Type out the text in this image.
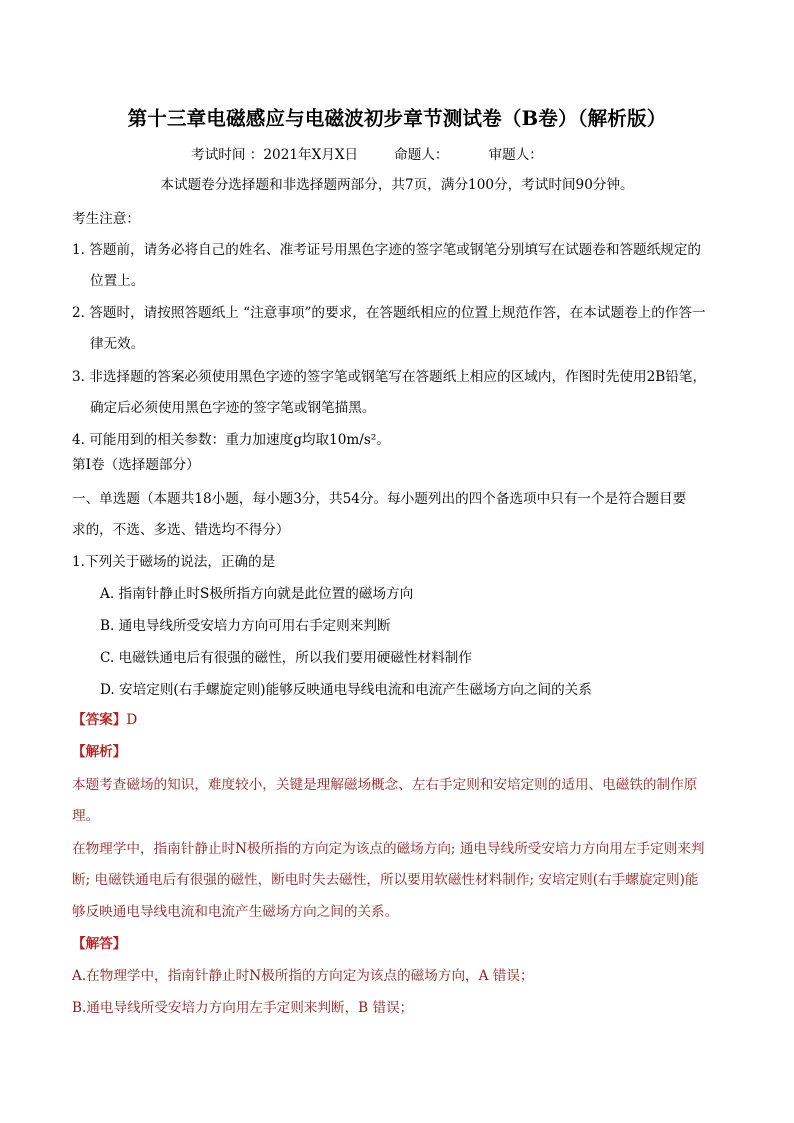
第十三章电磁感应与电磁波初步章节测试卷（B卷）（解析版）
考试时间 ：2021年X月X日	命题人：	审题人：
本试题卷分选择题和非选择题两部分，共7页，满分100分，考试时间90分钟。
考生注意：
1. 答题前，请务必将自己的姓名、准考证号用黑色字迹的签字笔或钢笔分别填写在试题卷和答题纸规定的
位置上。
2. 答题时，请按照答题纸上 “注意事项”的要求，在答题纸相应的位置上规范作答，在本试题卷上的作答一
律无效。
3. 非选择题的答案必须使用黑色字迹的签字笔或钢笔写在答题纸上相应的区域内，作图时先使用2B铅笔，
确定后必须使用黑色字迹的签字笔或钢笔描黑。
4. 可能用到的相关参数：重力加速度g均取10m/s²。
第Ⅰ卷（选择题部分）
一、单选题（本题共18小题，每小题3分，共54分。每小题列出的四个备选项中只有一个是符合题目要
求的，不选、多选、错选均不得分）
1.下列关于磁场的说法，正确的是
A. 指南针静止时S极所指方向就是此位置的磁场方向
B. 通电导线所受安培力方向可用右手定则来判断
C. 电磁铁通电后有很强的磁性，所以我们要用硬磁性材料制作
D. 安培定则(右手螺旋定则)能够反映通电导线电流和电流产生磁场方向之间的关系
【答案】D
【解析】
本题考查磁场的知识，难度较小，关键是理解磁场概念、左右手定则和安培定则的适用、电磁铁的制作原
理。
在物理学中，指南针静止时N极所指的方向定为该点的磁场方向; 通电导线所受安培力方向用左手定则来判
断; 电磁铁通电后有很强的磁性，断电时失去磁性，所以要用软磁性材料制作; 安培定则(右手螺旋定则)能
够反映通电导线电流和电流产生磁场方向之间的关系。
【解答】
A.在物理学中，指南针静止时N极所指的方向定为该点的磁场方向，A 错误；
B.通电导线所受安培力方向用左手定则来判断，B 错误；
